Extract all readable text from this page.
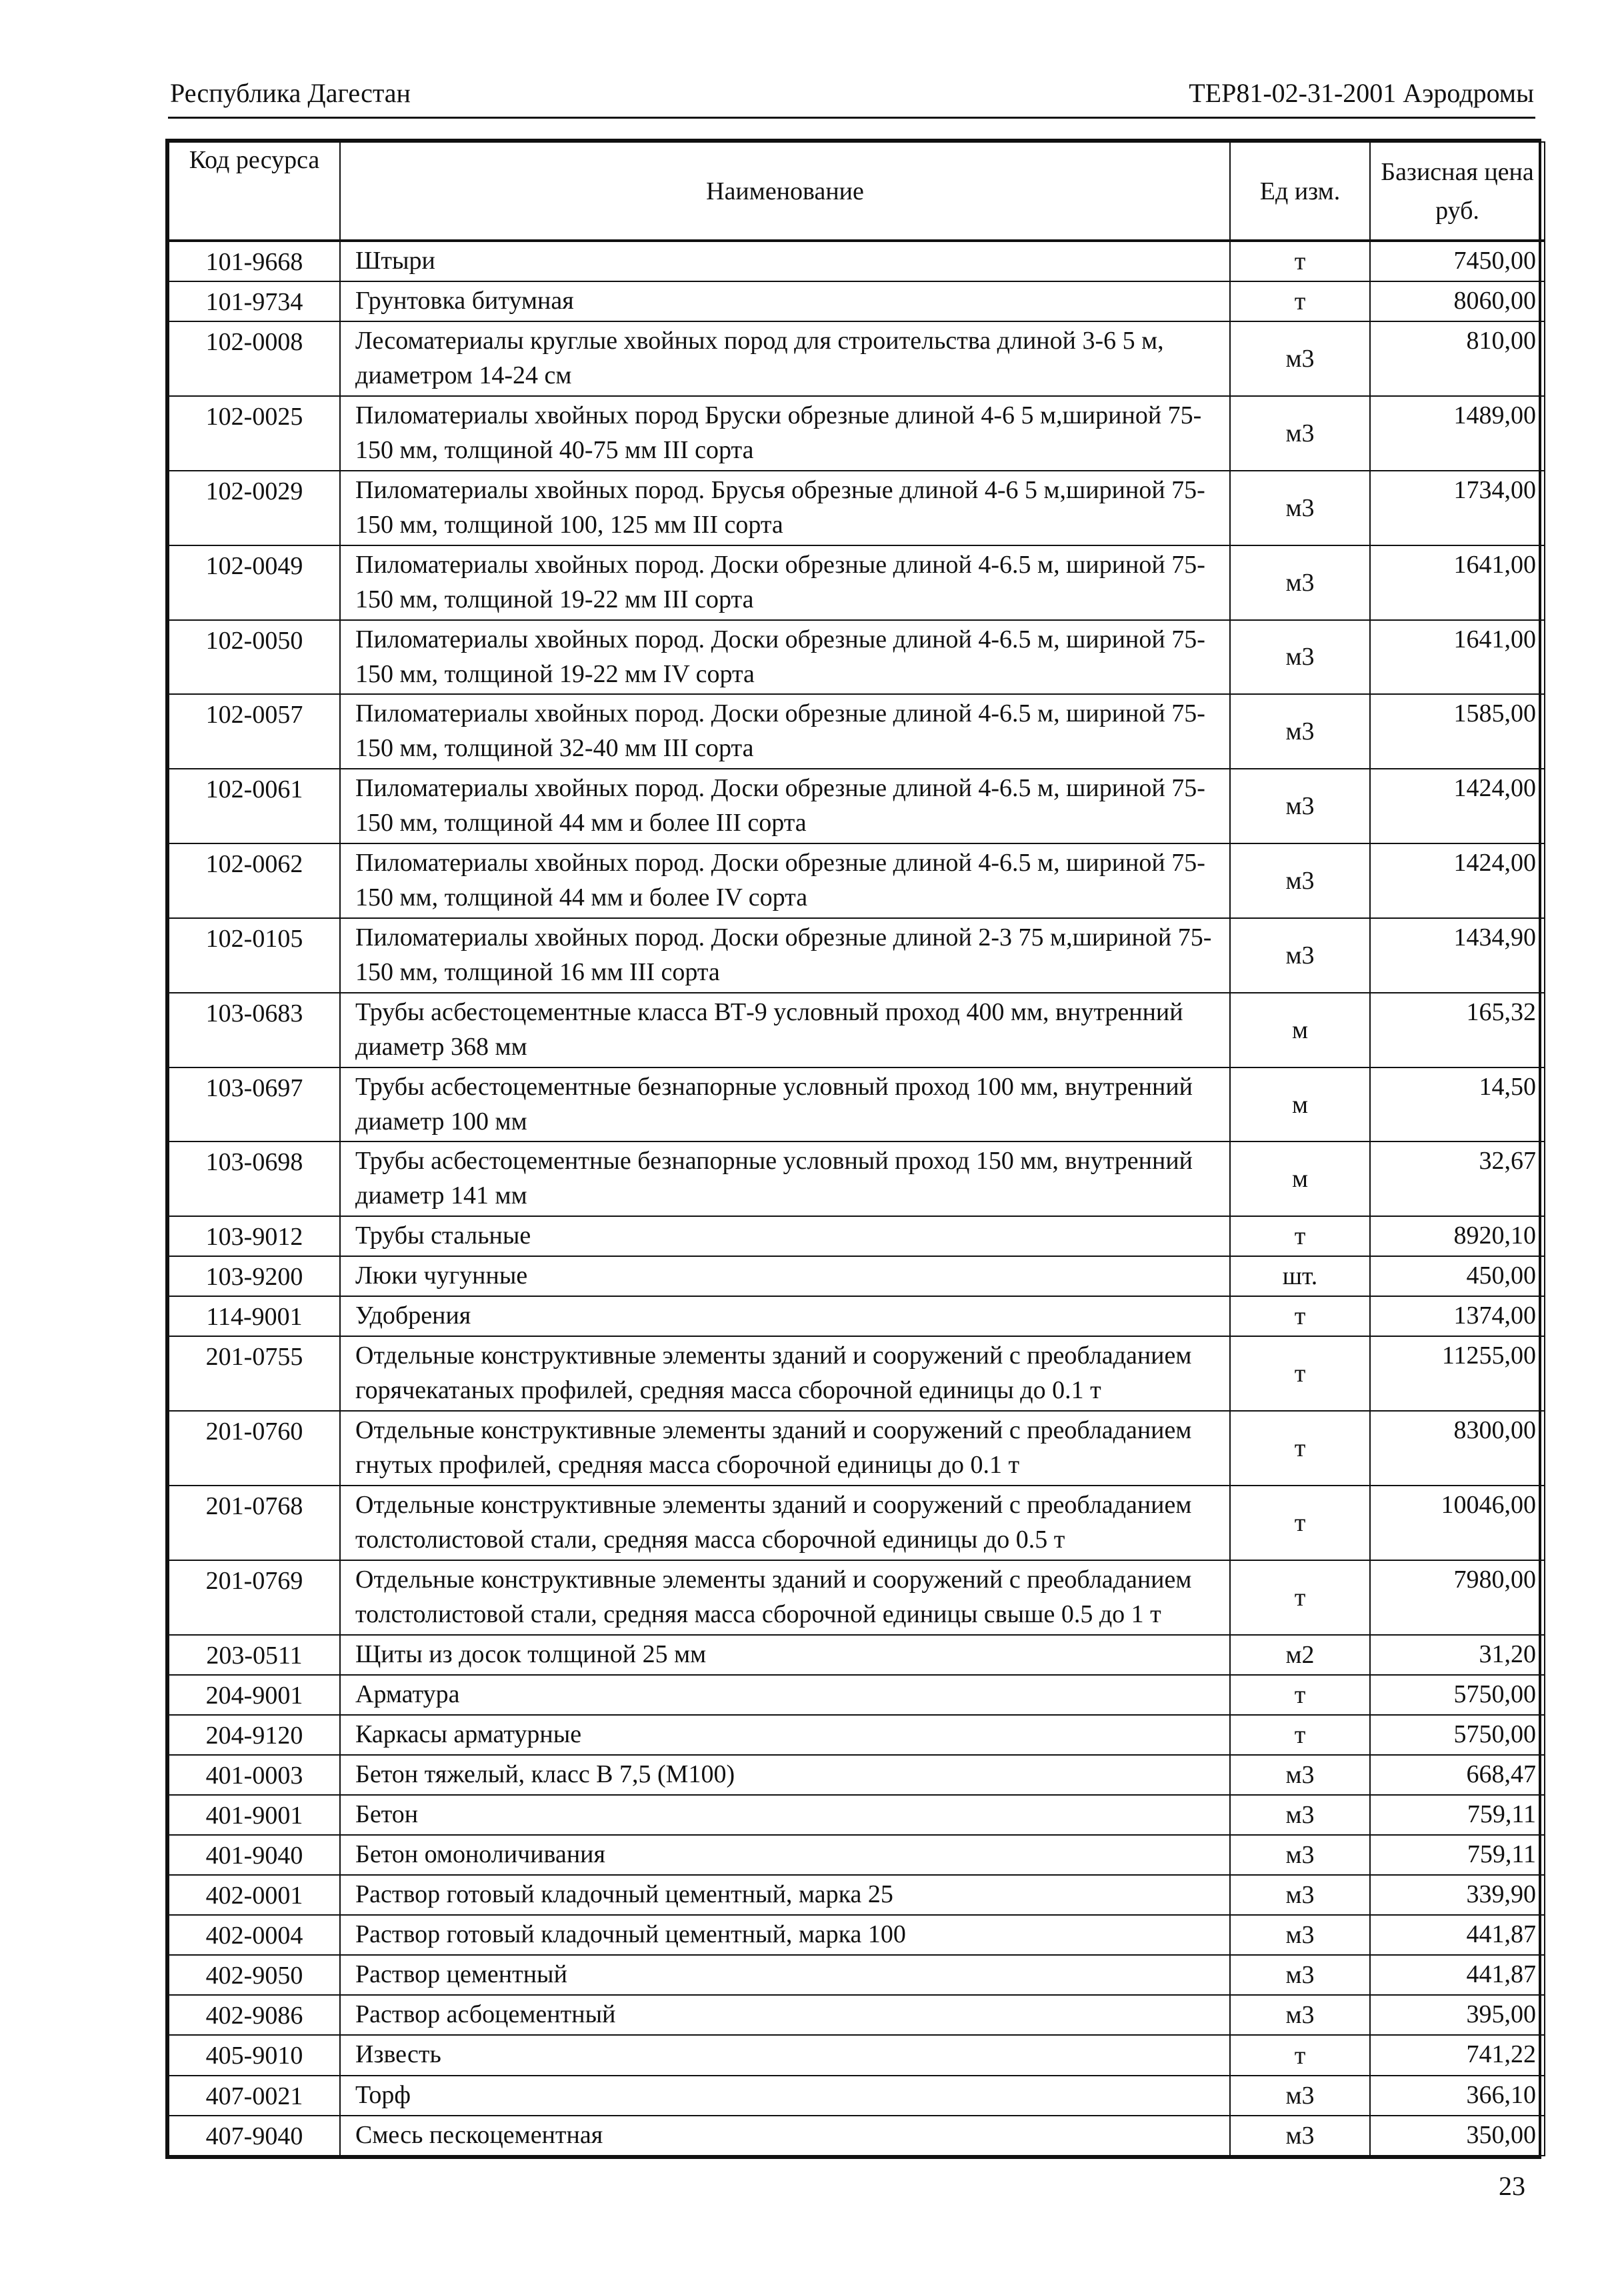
Республика Дагестан	ТЕР81-02-31-2001 Аэродромы
Код ресурса	Наименование	Ед изм.	Базисная цена
руб.

101-9668	Штыри	т	7450,00
101-9734	Грунтовка битумная	т	8060,00
102-0008	Лесоматериалы круглые хвойных пород для строительства длиной 3-6 5 м, диаметром 14-24 см	м3	810,00
102-0025	Пиломатериалы хвойных пород Бруски обрезные длиной 4-6 5 м,шириной 75-150 мм, толщиной 40-75 мм III сорта	м3	1489,00
102-0029	Пиломатериалы хвойных пород. Брусья обрезные длиной 4-6 5 м,шириной 75-150 мм, толщиной 100, 125 мм III сорта	м3	1734,00
102-0049	Пиломатериалы хвойных пород. Доски обрезные длиной 4-6.5 м, шириной 75-150 мм, толщиной 19-22 мм III сорта	м3	1641,00
102-0050	Пиломатериалы хвойных пород. Доски обрезные длиной 4-6.5 м, шириной 75-150 мм, толщиной 19-22 мм IV сорта	м3	1641,00
102-0057	Пиломатериалы хвойных пород. Доски обрезные длиной 4-6.5 м, шириной 75-150 мм, толщиной 32-40 мм III сорта	м3	1585,00
102-0061	Пиломатериалы хвойных пород. Доски обрезные длиной 4-6.5 м, шириной 75-150 мм, толщиной 44 мм и более III сорта	м3	1424,00
102-0062	Пиломатериалы хвойных пород. Доски обрезные длиной 4-6.5 м, шириной 75-150 мм, толщиной 44 мм и более IV сорта	м3	1424,00
102-0105	Пиломатериалы хвойных пород. Доски обрезные длиной 2-3 75 м,шириной 75-150 мм, толщиной 16 мм III сорта	м3	1434,90
103-0683	Трубы асбестоцементные класса ВТ-9 условный проход 400 мм, внутренний диаметр 368 мм	м	165,32
103-0697	Трубы асбестоцементные безнапорные условный проход 100 мм, внутренний диаметр 100 мм	м	14,50
103-0698	Трубы асбестоцементные безнапорные условный проход 150 мм, внутренний диаметр 141 мм	м	32,67
103-9012	Трубы стальные	т	8920,10
103-9200	Люки чугунные	шт.	450,00
114-9001	Удобрения	т	1374,00
201-0755	Отдельные конструктивные элементы зданий и сооружений с преобладанием горячекатаных профилей, средняя масса сборочной единицы до 0.1 т	т	11255,00
201-0760	Отдельные конструктивные элементы зданий и сооружений с преобладанием гнутых профилей, средняя масса сборочной единицы до 0.1 т	т	8300,00
201-0768	Отдельные конструктивные элементы зданий и сооружений с преобладанием толстолистовой стали, средняя масса сборочной единицы до 0.5 т	т	10046,00
201-0769	Отдельные конструктивные элементы зданий и сооружений с преобладанием толстолистовой стали, средняя масса сборочной единицы свыше 0.5 до 1 т	т	7980,00
203-0511	Щиты из досок толщиной 25 мм	м2	31,20
204-9001	Арматура	т	5750,00
204-9120	Каркасы арматурные	т	5750,00
401-0003	Бетон тяжелый, класс В 7,5 (М100)	м3	668,47
401-9001	Бетон	м3	759,11
401-9040	Бетон омоноличивания	м3	759,11
402-0001	Раствор готовый кладочный цементный, марка 25	м3	339,90
402-0004	Раствор готовый кладочный цементный, марка 100	м3	441,87
402-9050	Раствор цементный	м3	441,87
402-9086	Раствор асбоцементный	м3	395,00
405-9010	Известь	т	741,22
407-0021	Торф	м3	366,10
407-9040	Смесь пескоцементная	м3	350,00
23
